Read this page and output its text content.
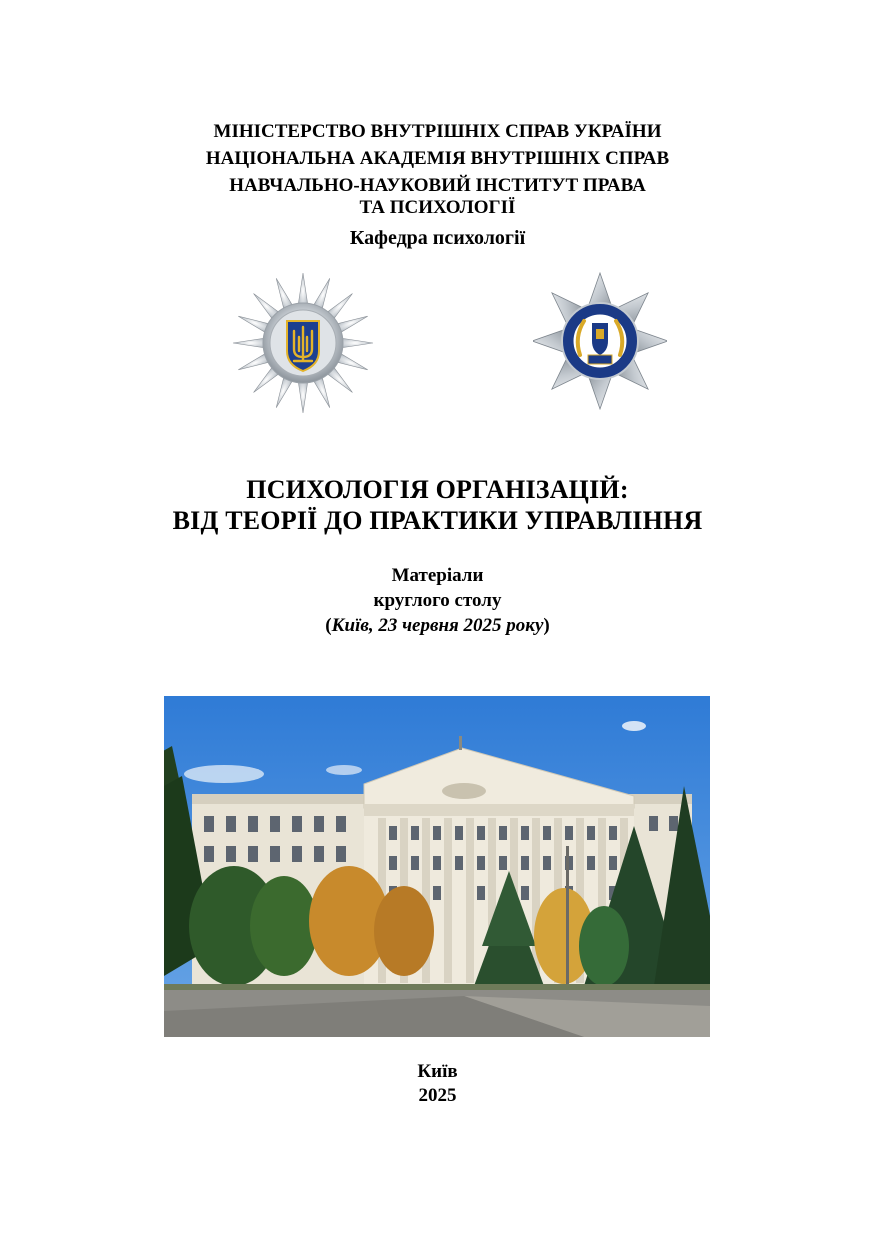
МІНІСТЕРСТВО ВНУТРІШНІХ СПРАВ УКРАЇНИ
НАЦІОНАЛЬНА АКАДЕМІЯ ВНУТРІШНІХ СПРАВ
НАВЧАЛЬНО-НАУКОВИЙ ІНСТИТУТ ПРАВА
ТА ПСИХОЛОГІЇ
Кафедра психології
ПСИХОЛОГІЯ ОРГАНІЗАЦІЙ:
ВІД ТЕОРІЇ ДО ПРАКТИКИ УПРАВЛІННЯ
Матеріали
круглого столу
(Київ, 23 червня 2025 року)
Київ
2025
